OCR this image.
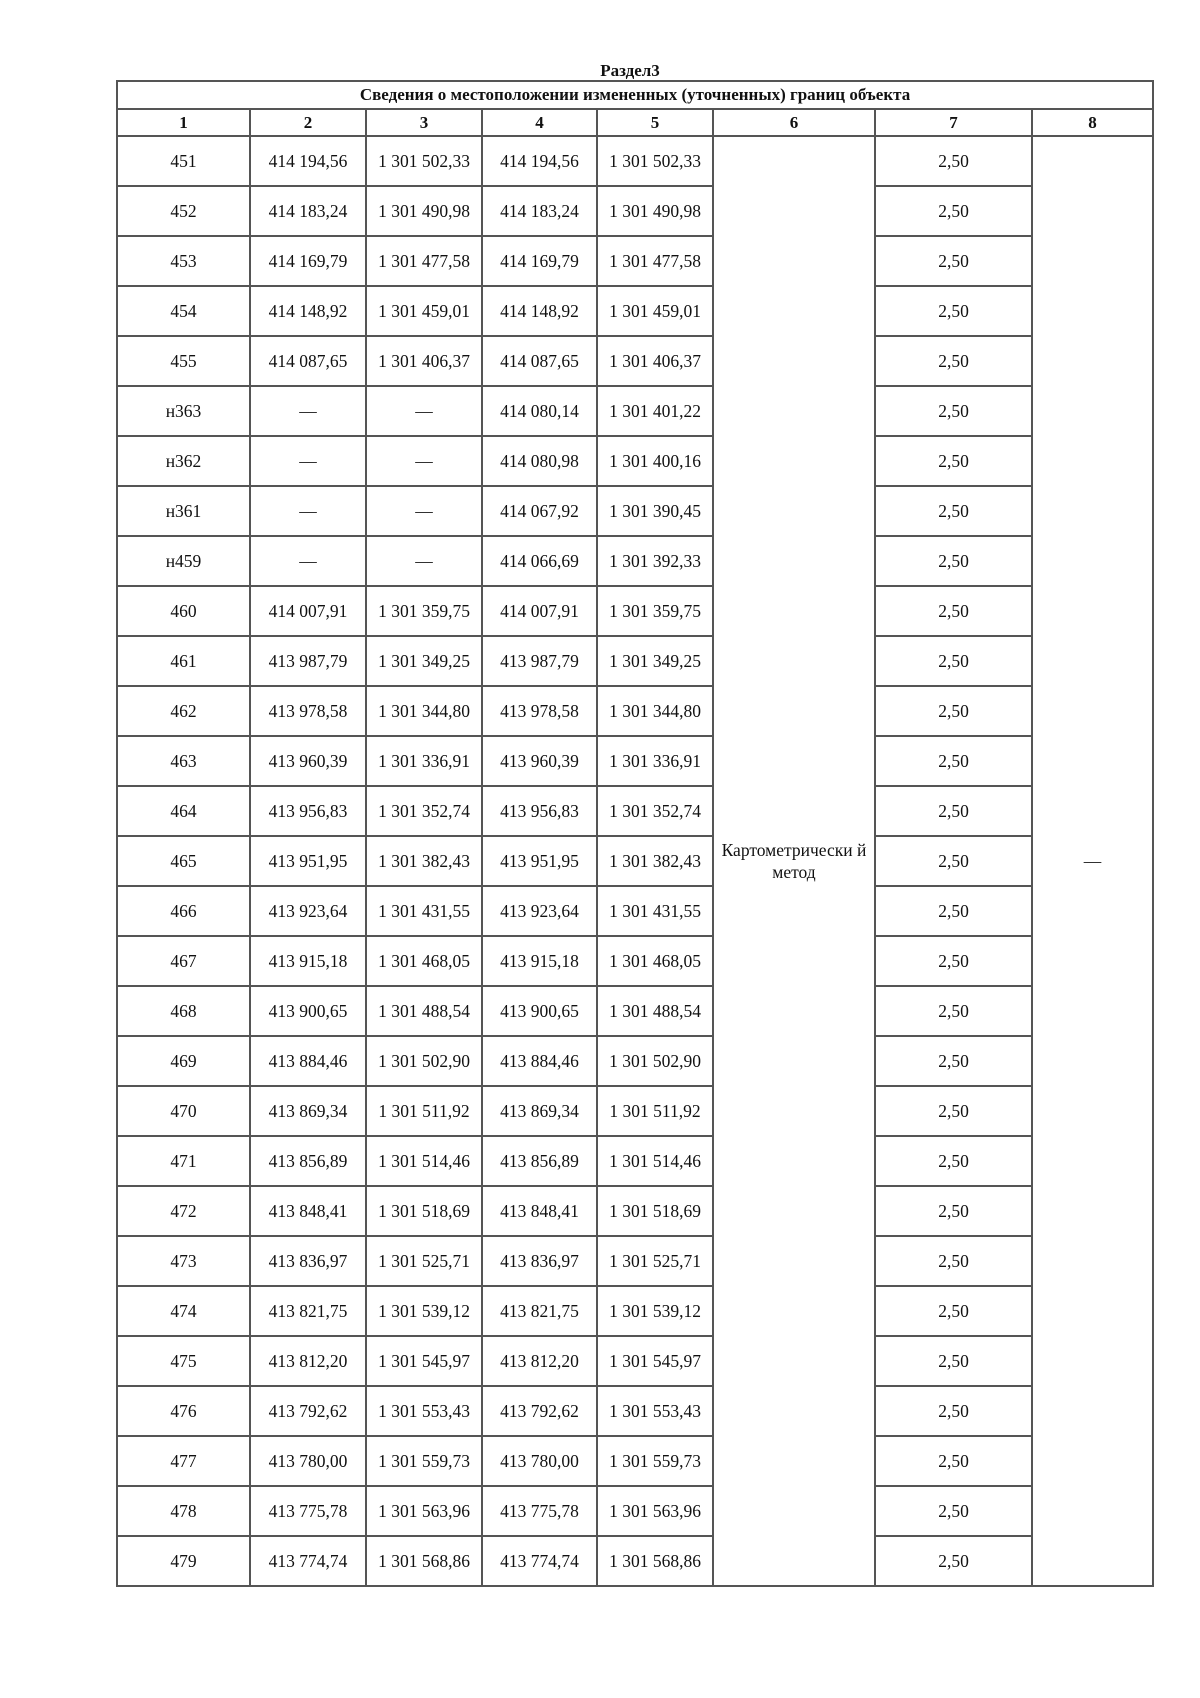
Раздел3
Сведения о местоположении измененных (уточненных) границ объекта							
1	2	3	4	5	6	7	8
451	414 194,56	1 301 502,33	414 194,56	1 301 502,33	Картометрически й метод	2,50	—
452	414 183,24	1 301 490,98	414 183,24	1 301 490,98		2,50	
453	414 169,79	1 301 477,58	414 169,79	1 301 477,58		2,50	
454	414 148,92	1 301 459,01	414 148,92	1 301 459,01		2,50	
455	414 087,65	1 301 406,37	414 087,65	1 301 406,37		2,50	
н363	—	—	414 080,14	1 301 401,22		2,50	
н362	—	—	414 080,98	1 301 400,16		2,50	
н361	—	—	414 067,92	1 301 390,45		2,50	
н459	—	—	414 066,69	1 301 392,33		2,50	
460	414 007,91	1 301 359,75	414 007,91	1 301 359,75		2,50	
461	413 987,79	1 301 349,25	413 987,79	1 301 349,25		2,50	
462	413 978,58	1 301 344,80	413 978,58	1 301 344,80		2,50	
463	413 960,39	1 301 336,91	413 960,39	1 301 336,91		2,50	
464	413 956,83	1 301 352,74	413 956,83	1 301 352,74		2,50	
465	413 951,95	1 301 382,43	413 951,95	1 301 382,43		2,50	
466	413 923,64	1 301 431,55	413 923,64	1 301 431,55		2,50	
467	413 915,18	1 301 468,05	413 915,18	1 301 468,05		2,50	
468	413 900,65	1 301 488,54	413 900,65	1 301 488,54		2,50	
469	413 884,46	1 301 502,90	413 884,46	1 301 502,90		2,50	
470	413 869,34	1 301 511,92	413 869,34	1 301 511,92		2,50	
471	413 856,89	1 301 514,46	413 856,89	1 301 514,46		2,50	
472	413 848,41	1 301 518,69	413 848,41	1 301 518,69		2,50	
473	413 836,97	1 301 525,71	413 836,97	1 301 525,71		2,50	
474	413 821,75	1 301 539,12	413 821,75	1 301 539,12		2,50	
475	413 812,20	1 301 545,97	413 812,20	1 301 545,97		2,50	
476	413 792,62	1 301 553,43	413 792,62	1 301 553,43		2,50	
477	413 780,00	1 301 559,73	413 780,00	1 301 559,73		2,50	
478	413 775,78	1 301 563,96	413 775,78	1 301 563,96		2,50	
479	413 774,74	1 301 568,86	413 774,74	1 301 568,86		2,50	
